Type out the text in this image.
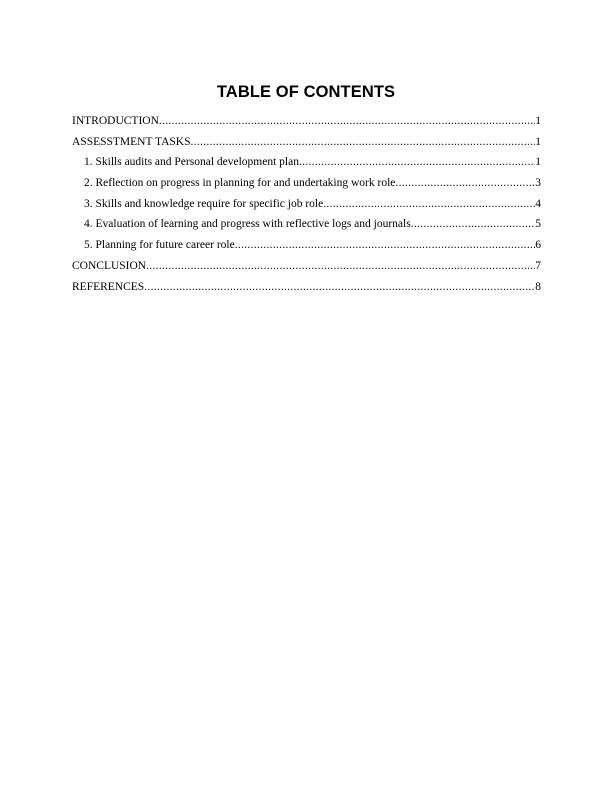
TABLE OF CONTENTS
INTRODUCTION .....	1
ASSESSTMENT TASKS .....	1
1. Skills audits and Personal development plan .....	1
2. Reflection on progress in planning for and undertaking work role .....	3
3. Skills and knowledge require for specific job role .....	4
4. Evaluation of learning and progress with reflective logs and journals .....	5
5. Planning for future career role .....	6
CONCLUSION .....	7
REFERENCES .....	8
